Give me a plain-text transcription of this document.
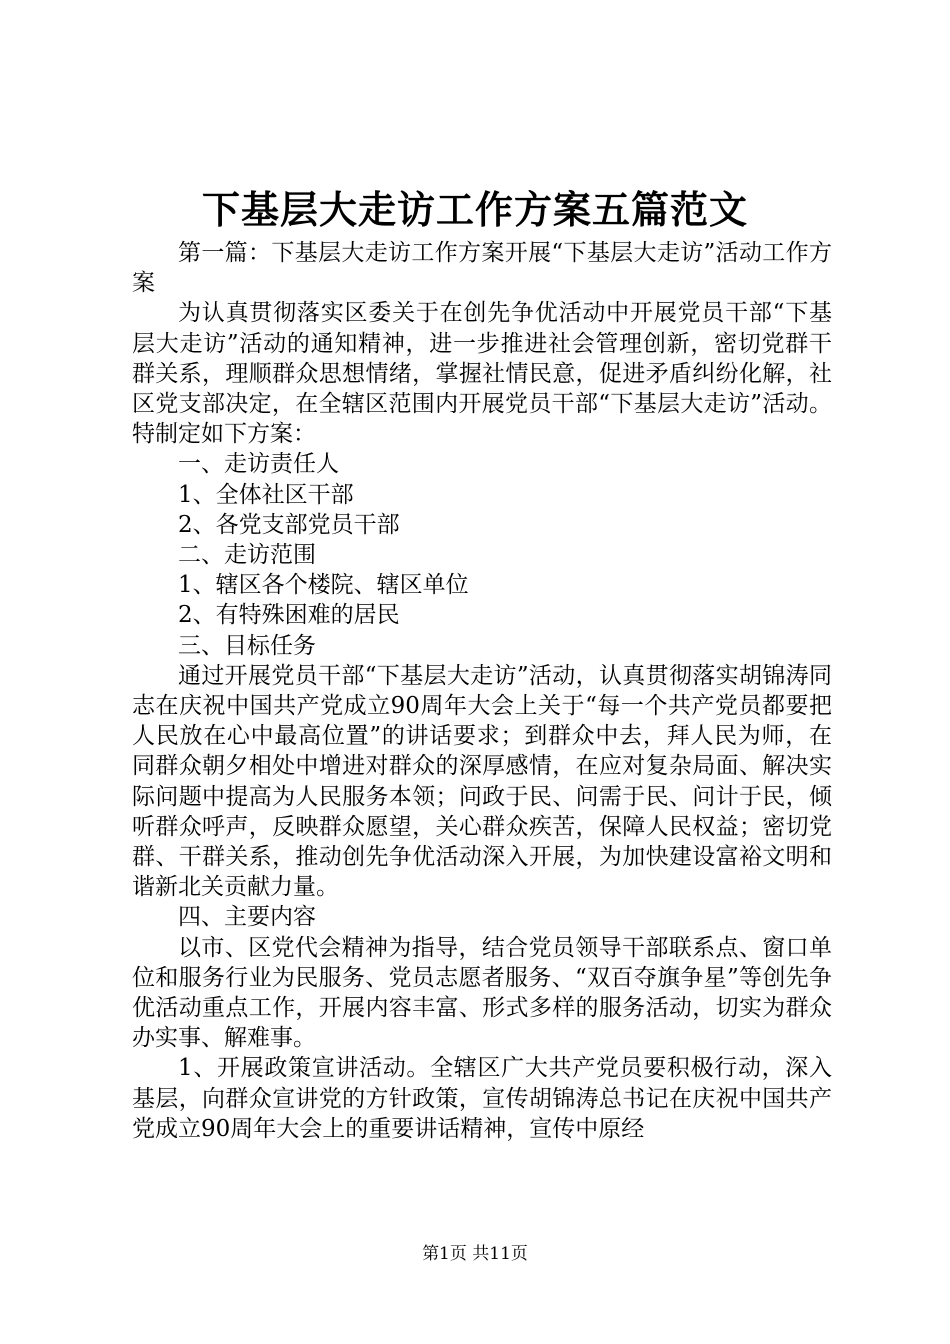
下基层大走访工作方案五篇范文

第一篇：下基层大走访工作方案开展“下基层大走访”活动工作方案

为认真贯彻落实区委关于在创先争优活动中开展党员干部“下基层大走访”活动的通知精神，进一步推进社会管理创新，密切党群干群关系，理顺群众思想情绪，掌握社情民意，促进矛盾纠纷化解，社区党支部决定，在全辖区范围内开展党员干部“下基层大走访”活动。特制定如下方案：

一、走访责任人

1、全体社区干部

2、各党支部党员干部

二、走访范围

1、辖区各个楼院、辖区单位

2、有特殊困难的居民

三、目标任务

通过开展党员干部“下基层大走访”活动，认真贯彻落实胡锦涛同志在庆祝中国共产党成立90周年大会上关于“每一个共产党员都要把人民放在心中最高位置”的讲话要求；到群众中去，拜人民为师，在同群众朝夕相处中增进对群众的深厚感情，在应对复杂局面、解决实际问题中提高为人民服务本领；问政于民、问需于民、问计于民，倾听群众呼声，反映群众愿望，关心群众疾苦，保障人民权益；密切党群、干群关系，推动创先争优活动深入开展，为加快建设富裕文明和谐新北关贡献力量。

四、主要内容

以市、区党代会精神为指导，结合党员领导干部联系点、窗口单位和服务行业为民服务、党员志愿者服务、“双百夺旗争星”等创先争优活动重点工作，开展内容丰富、形式多样的服务活动，切实为群众办实事、解难事。

1、开展政策宣讲活动。全辖区广大共产党员要积极行动，深入基层，向群众宣讲党的方针政策，宣传胡锦涛总书记在庆祝中国共产党成立90周年大会上的重要讲话精神，宣传中原经

第1页 共11页
